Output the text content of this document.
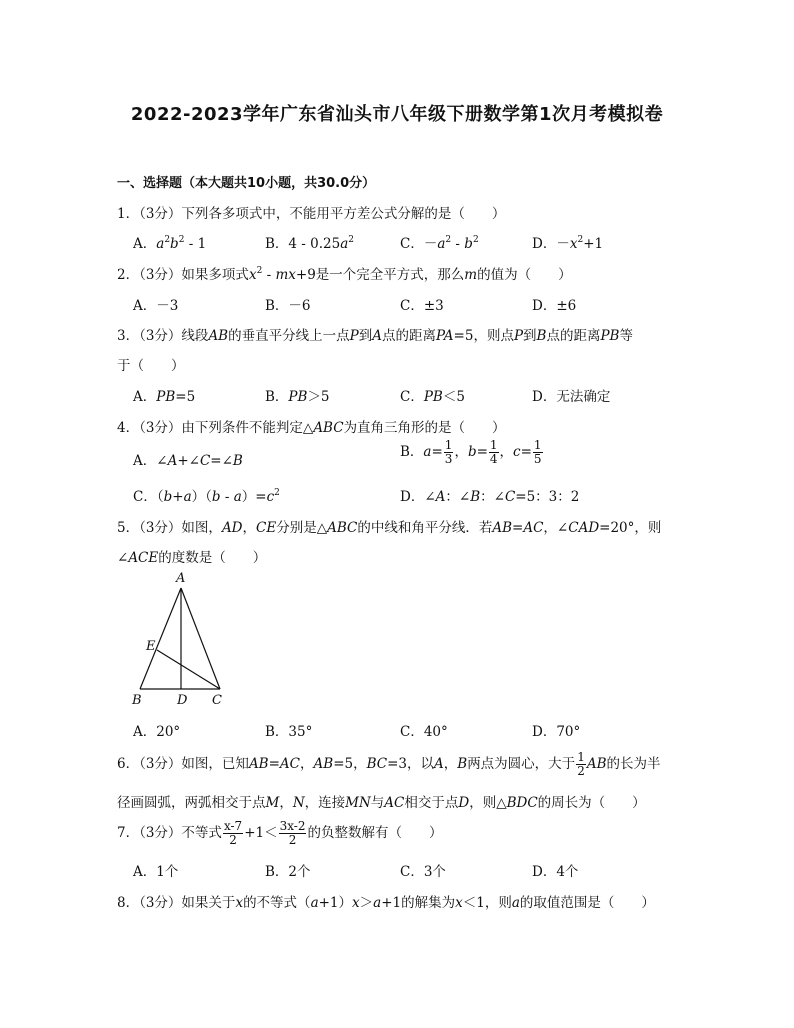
2022-2023学年广东省汕头市八年级下册数学第1次月考模拟卷
一、选择题（本大题共10小题，共30.0分）
1．（3分）下列各多项式中，不能用平方差公式分解的是（　　）
A．$a^2b^2 - 1$	B．$4 - 0.25a^2$	C．$-a^2 - b^2$	D．$-x^2+1$
2．（3分）如果多项式$x^2 - mx+9$是一个完全平方式，那么m的值为（　　）
A．－3	B．－6	C．±3	D．±6
3．（3分）线段AB的垂直平分线上一点P到A点的距离PA=5，则点P到B点的距离PB等
于（　　）
A．PB=5	B．PB＞5	C．PB＜5	D．无法确定
4．（3分）由下列条件不能判定△ABC为直角三角形的是（　　）
A．∠A+∠C=∠B
B．$a= \frac{1}{3}$ ，$b= \frac{1}{4}$ ，$c= \frac{1}{5}$
C．$(b+a)(b - a)=c^2$	D．∠A：∠B：∠C=5：3：2
5．（3分）如图，AD，CE分别是△ABC的中线和角平分线．若AB=AC，∠CAD=20°，则
∠ACE的度数是（　　）
A
B	D C
E
A．20°	B．35°	C．40°	D．70°
6．（3分）如图，已知AB=AC，AB=5，BC=3，以A，B两点为圆心，大于 $\frac{1}{2}$ AB的长为半
径画圆弧，两弧相交于点M，N，连接MN与AC相交于点D，则△BDC的周长为（　　）
7．（3分）不等式 $\frac{x-7}{2} +1< \frac{3x-2}{2}$ 的负整数解有（　　）
A．1个	B．2个	C．3个	D．4个
8．（3分）如果关于x的不等式（a+1）x＞a+1的解集为x＜1，则a的取值范围是（　　）
